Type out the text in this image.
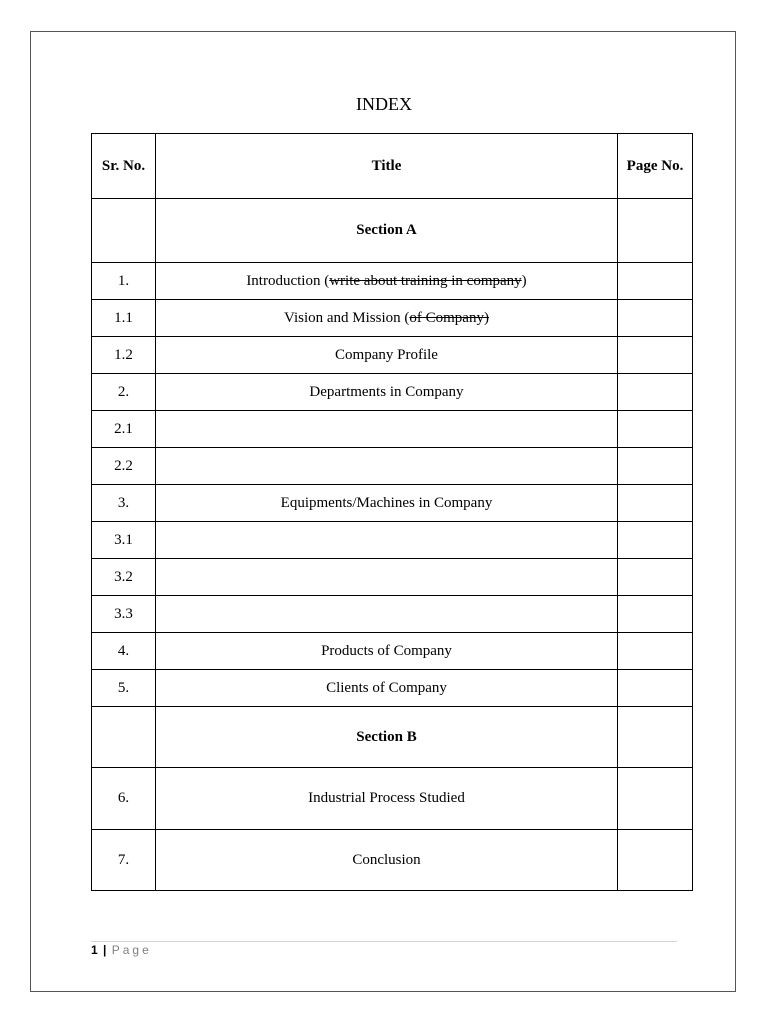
INDEX
Sr. No.	Title	Page No.
	Section A	
1.	Introduction (write about training in company)	
1.1	Vision and Mission (of Company)	
1.2	Company Profile	
2.	Departments in Company	
2.1		
2.2		
3.	Equipments/Machines in Company	
3.1		
3.2		
3.3		
4.	Products of Company	
5.	Clients of Company	
	Section B	
6.	Industrial Process Studied	
7.	Conclusion	
1 | Page
